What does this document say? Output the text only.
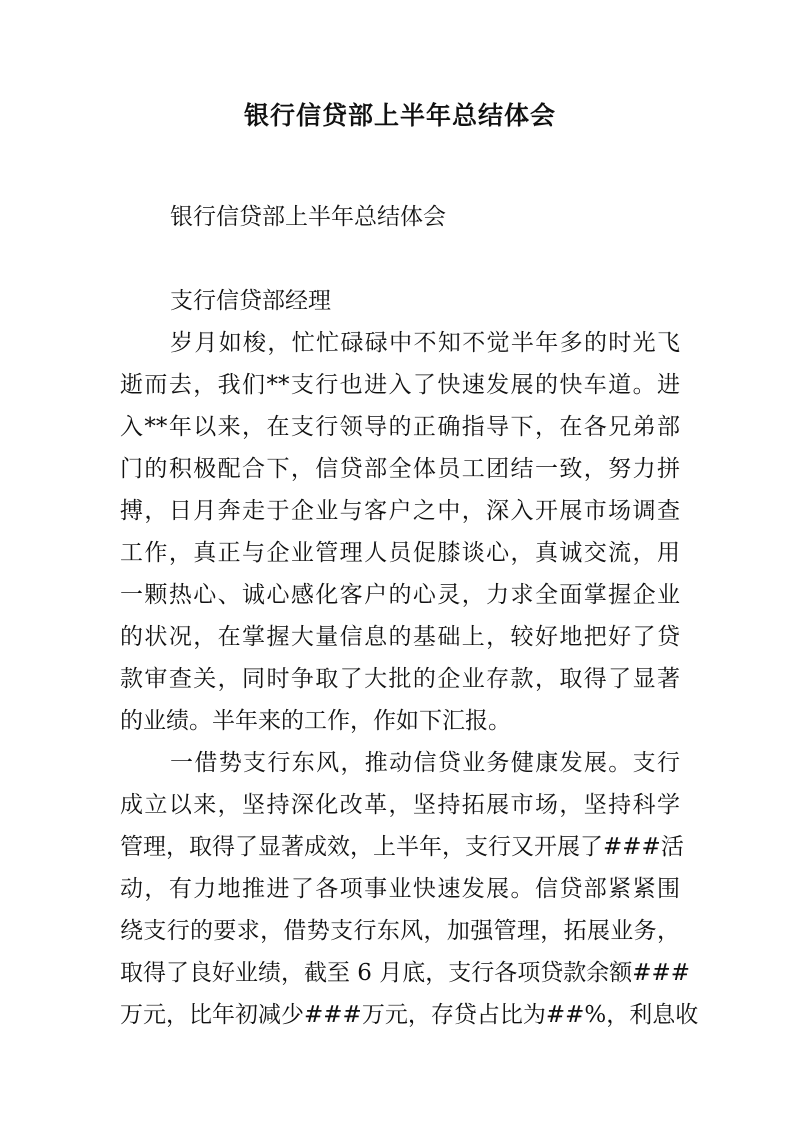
银行信贷部上半年总结体会

银行信贷部上半年总结体会

支行信贷部经理

岁月如梭，忙忙碌碌中不知不觉半年多的时光飞

逝而去，我们**支行也进入了快速发展的快车道。进

入**年以来，在支行领导的正确指导下，在各兄弟部

门的积极配合下，信贷部全体员工团结一致，努力拼

搏，日月奔走于企业与客户之中，深入开展市场调查

工作，真正与企业管理人员促膝谈心，真诚交流，用

一颗热心、诚心感化客户的心灵，力求全面掌握企业

的状况，在掌握大量信息的基础上，较好地把好了贷

款审查关，同时争取了大批的企业存款，取得了显著

的业绩。半年来的工作，作如下汇报。

一借势支行东风，推动信贷业务健康发展。支行

成立以来，坚持深化改革，坚持拓展市场，坚持科学

管理，取得了显著成效，上半年，支行又开展了###活

动，有力地推进了各项事业快速发展。信贷部紧紧围

绕支行的要求，借势支行东风，加强管理，拓展业务，

取得了良好业绩，截至 6 月底，支行各项贷款余额###

万元，比年初减少###万元，存贷占比为##%，利息收
